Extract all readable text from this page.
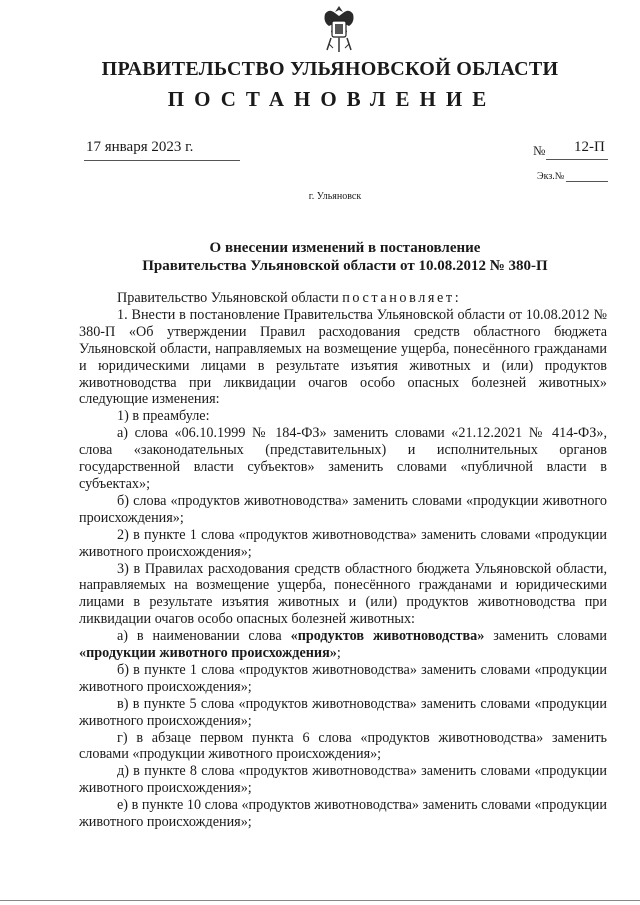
ПРАВИТЕЛЬСТВО УЛЬЯНОВСКОЙ ОБЛАСТИ
ПОСТАНОВЛЕНИЕ
17 января 2023 г.	№ 12-П
Экз.№
г. Ульяновск
О внесении изменений в постановление
Правительства Ульяновской области от 10.08.2012 № 380-П

Правительство Ульяновской области постановляет:

1. Внести в постановление Правительства Ульяновской области от 10.08.2012 № 380-П «Об утверждении Правил расходования средств областного бюджета Ульяновской области, направляемых на возмещение ущерба, понесённого гражданами и юридическими лицами в результате изъятия животных и (или) продуктов животноводства при ликвидации очагов особо опасных болезней животных» следующие изменения:

1) в преамбуле:

а) слова «06.10.1999 № 184-ФЗ» заменить словами «21.12.2021 № 414-ФЗ», слова «законодательных (представительных) и исполнительных органов государственной власти субъектов» заменить словами «публичной власти в субъектах»;

б) слова «продуктов животноводства» заменить словами «продукции животного происхождения»;

2) в пункте 1 слова «продуктов животноводства» заменить словами «продукции животного происхождения»;

3) в Правилах расходования средств областного бюджета Ульяновской области, направляемых на возмещение ущерба, понесённого гражданами и юридическими лицами в результате изъятия животных и (или) продуктов животноводства при ликвидации очагов особо опасных болезней животных:

а) в наименовании слова «продуктов животноводства» заменить словами «продукции животного происхождения»;

б) в пункте 1 слова «продуктов животноводства» заменить словами «продукции животного происхождения»;

в) в пункте 5 слова «продуктов животноводства» заменить словами «продукции животного происхождения»;

г) в абзаце первом пункта 6 слова «продуктов животноводства» заменить словами «продукции животного происхождения»;

д) в пункте 8 слова «продуктов животноводства» заменить словами «продукции животного происхождения»;

е) в пункте 10 слова «продуктов животноводства» заменить словами «продукции животного происхождения»;
